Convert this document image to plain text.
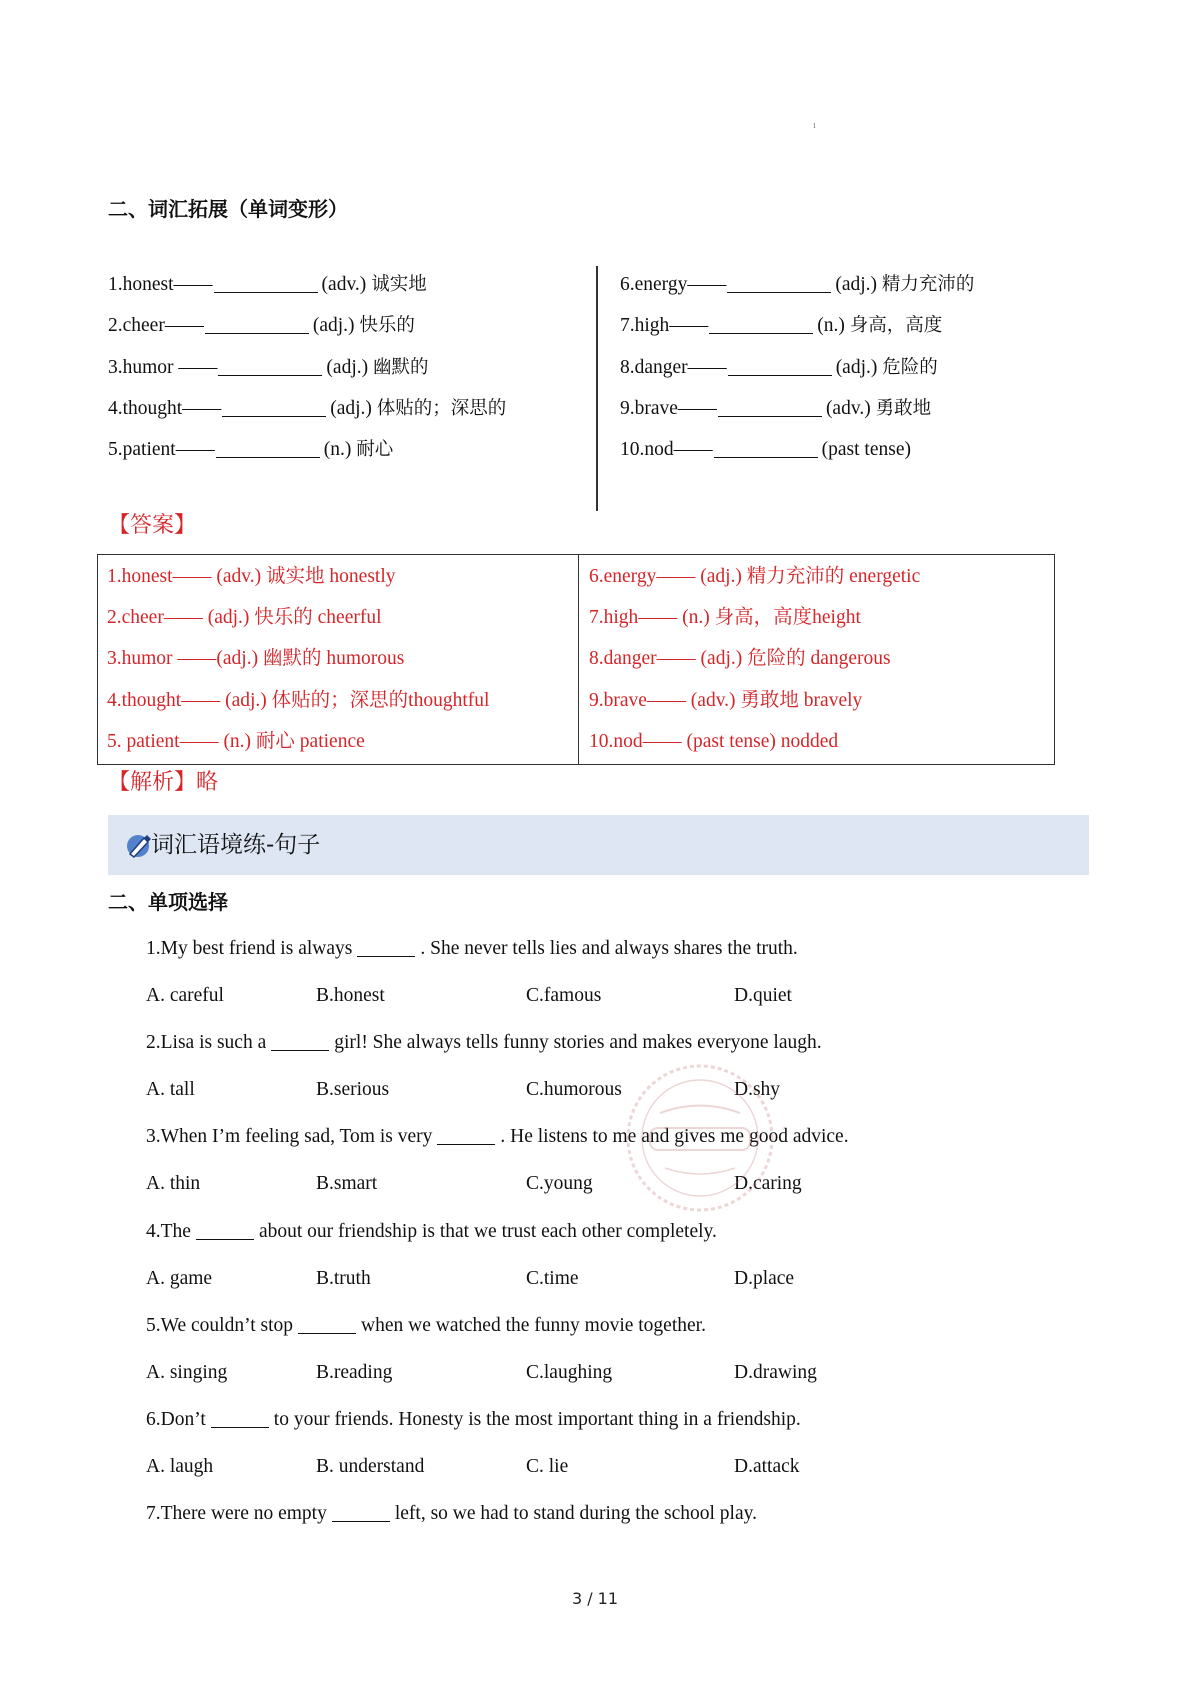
ı
二、词汇拓展（单词变形）
1.honest——	(adv.) 诚实地
2.cheer——	(adj.) 快乐的
3.humor ——	(adj.) 幽默的
4.thought——	(adj.) 体贴的；深思的
5.patient——	(n.) 耐心
6.energy——	(adj.) 精力充沛的
7.high——	(n.) 身高，高度
8.danger——	(adj.) 危险的
9.brave——	(adv.) 勇敢地
10.nod——	(past tense)
【答案】
1.honest—— (adv.) 诚实地 honestly
2.cheer—— (adj.) 快乐的 cheerful
3.humor ——(adj.) 幽默的 humorous
4.thought—— (adj.) 体贴的；深思的thoughtful
5. patient—— (n.) 耐心 patience
6.energy—— (adj.) 精力充沛的 energetic
7.high—— (n.) 身高，高度height
8.danger—— (adj.) 危险的 dangerous
9.brave—— (adv.) 勇敢地 bravely
10.nod—— (past tense) nodded
【解析】略
词汇语境练-句子
二、单项选择
1.My best friend is always	. She never tells lies and always shares the truth.
A. careful	B.honest	C.famous	D.quiet
2.Lisa is such a	girl! She always tells funny stories and makes everyone laugh.
A. tall	B.serious	C.humorous	D.shy
3.When I’m feeling sad, Tom is very	. He listens to me and gives me good advice.
A. thin	B.smart	C.young	D.caring
4.The	about our friendship is that we trust each other completely.
A. game	B.truth	C.time	D.place
5.We couldn’t stop	when we watched the funny movie together.
A. singing	B.reading	C.laughing	D.drawing
6.Don’t	to your friends. Honesty is the most important thing in a friendship.
A. laugh	B. understand	C. lie	D.attack
7.There were no empty	left, so we had to stand during the school play.
3 / 11
